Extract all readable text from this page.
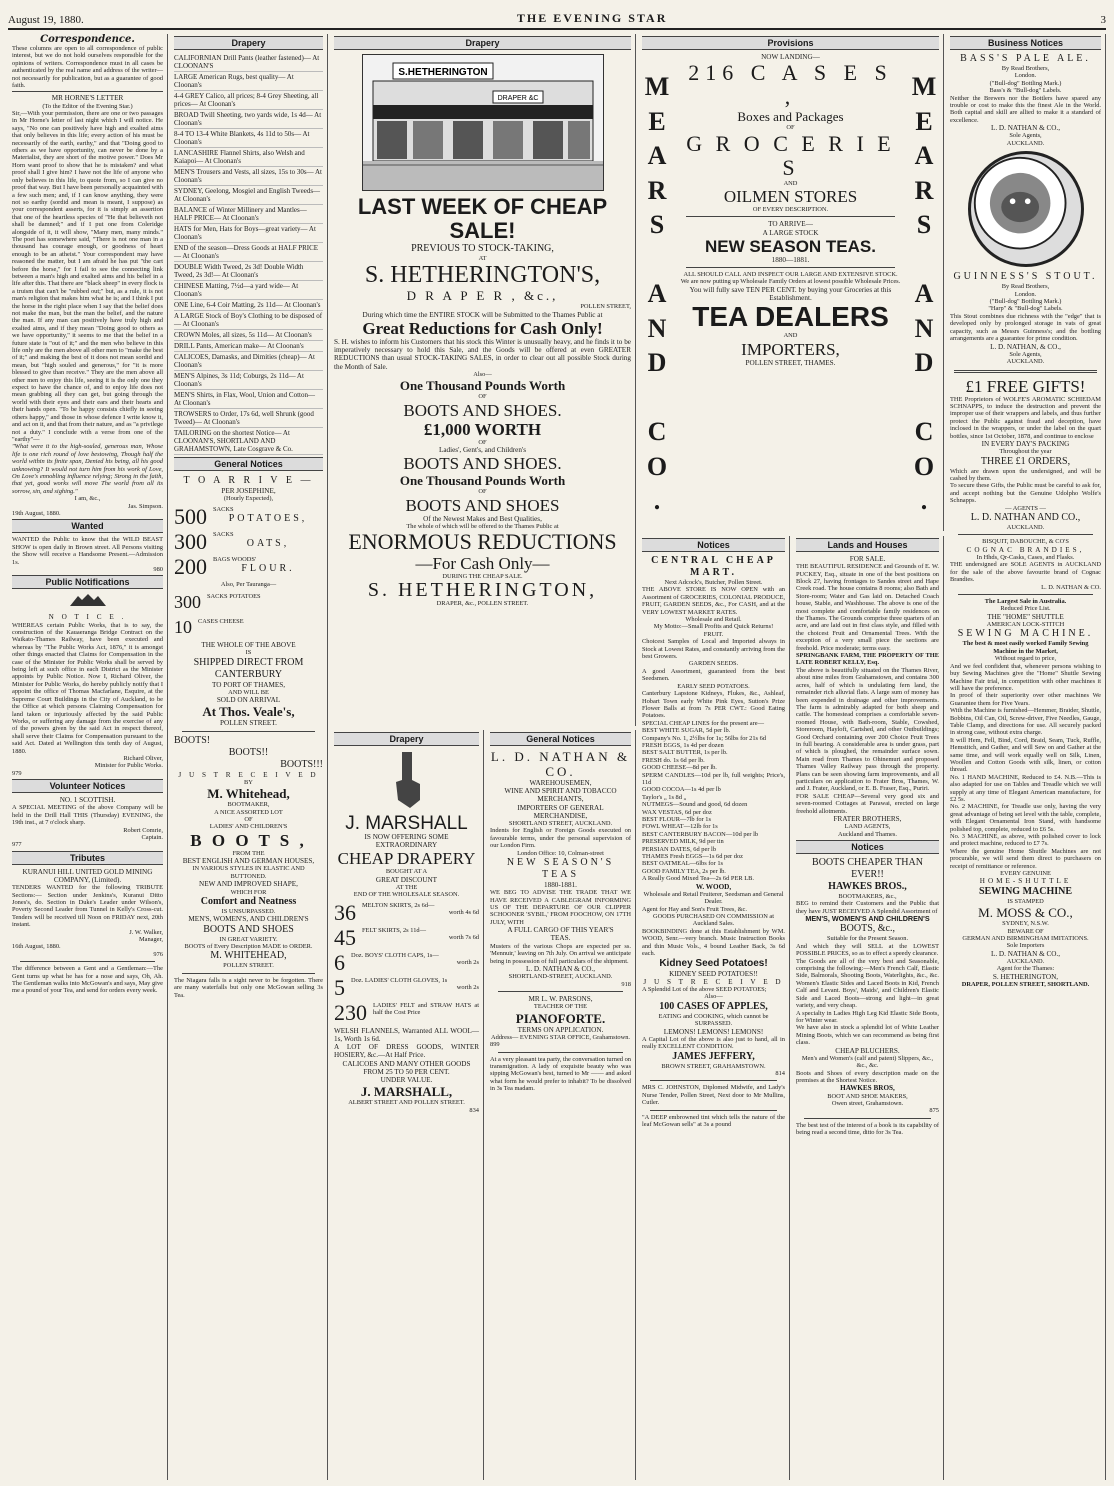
August 19, 1880.	THE EVENING STAR	3
Correspondence.
These columns are open to all correspondence of public interest, but we do not hold ourselves responsible for the opinions of writers. Correspondence must in all cases be authenticated by the real name and address of the writer—not necessarily for publication, but as a guarantee of good faith.
MR HORNE'S LETTER
(To the Editor of the Evening Star.)
Sir,—With your permission, there are one or two passages in Mr Horne's letter of last night which I will notice. He says, "No one can positively have high and exalted aims that only believes in this life; every action of his must be necessarily of the earth, earthy," and that "Doing good to others as we have opportunity, can never be done by a Materialist, they are short of the motive power." Does Mr Horn want proof to show that he is mistaken? and what proof shall I give him? I have not the life of anyone who only believes in this life, to quote from, so I can give no proof that way. But I have been personally acquainted with a few such men; and, if I can know anything, they were not so earthy (sordid and mean is meant, I suppose) as your correspondent asserts, for it is simply an assertion that one of the heartless species of "He that believeth not shall be damned;" and if I put one from Coleridge alongside of it, it will show, "Many men, many minds." The poet has somewhere said, "There is not one man in a thousand has courage enough, or goodness of heart enough to be an atheist." Your correspondent may have reasoned the matter, but I am afraid he has put "the cart before the horse," for I fail to see the connecting link between a man's high and exalted aims and his belief in a life after this. That there are "black sheep" in every flock is a truism that can't be "rubbed out;" but, as a rule, it is not man's religion that makes him what he is; and I think I put the horse in the right place when I say that the belief does not make the man, but the man the belief, and the nature the man. If any man can positively have truly high and exalted aims, and if they mean "Doing good to others as we have opportunity," it seems to me that the belief in a future state is "out of it;" and the men who believe in this life only are the men above all other men to "make the best of it;" and making the best of it does not mean sordid and mean, but "high souled and generous," for "it is more blessed to give than receive." They are the men above all other men to enjoy this life, seeing it is the only one they expect to have the chance of, and to enjoy life does not mean grabbing all they can get, but going through the world with their eyes and their ears and their hearts and their hands open. "To be happy consists chiefly in seeing others happy," and those in whose defence I write know it, and act on it, and that from their nature, and as "a privilege not a duty." I conclude with a verse from one of the "earthy"—
"What were it to the high-souled, generous man, Whose life is one rich round of love bestowing, Though half the world within its finite span, Denied his being, all his good unknowing? It would not turn him from his work of Love, On Love's ennobling influence relying; Strong in the faith, that yet, good works will move The world from all its sorrow, sin, and sighing."
I am, &c.,
Jas. Simpson.
19th August, 1880.
Wanted
WANTED the Public to know that the WILD BEAST SHOW is open daily in Brown street. All Persons visiting the Show will receive a Handsome Present.—Admission 1s.
980
Public Notifications
N O T I C E .
WHEREAS certain Public Works, that is to say, the construction of the Kauaeranga Bridge Contract on the Waikato-Thames Railway, have been executed and whereas by "The Public Works Act, 1876," it is amongst other things enacted that Claims for Compensation in the case of the Minister for Public Works shall be served by being left at such office in each District as the Minister appoints by Public Notice. Now I, Richard Oliver, the Minister for Public Works, do hereby publicly notify that I appoint the office of Thomas Macfarlane, Esquire, at the Supreme Court Buildings in the City of Auckland, to be the Office at which persons Claiming Compensation for land taken or injuriously affected by the said Public Works, or suffering any damage from the exercise of any of the powers given by the said Act in respect thereof, shall serve their Claims for Compensation pursuant to the said Act. Dated at Wellington this tenth day of August, 1880.
Richard Oliver,
Minister for Public Works.
979
Volunteer Notices
NO. 1 SCOTTISH.
A SPECIAL MEETING of the above Company will be held in the Drill Hall THIS (Thursday) EVENING, the 19th inst., at 7 o'clock sharp.
Robert Comrie,
Captain.
977
Tributes
KURANUI HILL UNITED GOLD MINING COMPANY, (Limited).
TENDERS WANTED for the following TRIBUTE Sections:— Section under Jenkins's, Kuranui Ditto Jones's, do. Section in Duke's Leader under Wilson's, Poverty Second Leader from Tunnel in Kelly's Cross-cut. Tenders will be received till Noon on FRIDAY next, 20th instant.
J. W. Walker,
Manager,
16th August, 1880.
976
The difference between a Gent and a Gentleman:—The Gent turns up what he has for a nose and says, Oh, Ah. The Gentleman walks into McGowan's and says, May give me a pound of your Tea, and send for orders every week.
Drapery
CALIFORNIAN Drill Pants (leather fastened)— At CLOONAN'S
LARGE American Rugs, best quality— At Cloonan's
4-4 GREY Calico, all prices; 8-4 Grey Sheeting, all prices— At Cloonan's
BROAD Twill Sheeting, two yards wide, 1s 4d— At Cloonan's
8-4 TO 13-4 White Blankets, 4s 11d to 50s— At Cloonan's
LANCASHIRE Flannel Shirts, also Welsh and Kaiapoi— At Cloonan's
MEN'S Trousers and Vests, all sizes, 15s to 30s— At Cloonan's
SYDNEY, Geelong, Mosgiel and English Tweeds— At Cloonan's
BALANCE of Winter Millinery and Mantles— HALF PRICE— At Cloonan's
HATS for Men, Hats for Boys—great variety— At Cloonan's
END of the season—Dress Goods at HALF PRICE— At Cloonan's
DOUBLE Width Tweed, 2s 3d! Double Width Tweed, 2s 3d!— At Cloonan's
CHINESE Matting, 7½d—a yard wide— At Cloonan's
ONE Line, 6-4 Coir Matting, 2s 11d— At Cloonan's
A LARGE Stock of Boy's Clothing to be disposed of— At Cloonan's
CROWN Moles, all sizes, 5s 11d— At Cloonan's
DRILL Pants, American make— At Cloonan's
CALICOES, Damasks, and Dimities (cheap)— At Cloonan's
MEN'S Alpines, 3s 11d; Coburgs, 2s 11d— At Cloonan's
MEN'S Shirts, in Flax, Wool, Union and Cotton— At Cloonan's
TROWSERS to Order, 17s 6d, well Shrunk (good Tweed)— At Cloonan's
TAILORING on the shortest Notice— At CLOONAN'S, SHORTLAND AND GRAHAMSTOWN, Late Cosgrave & Co.
General Notices
T O A R R I V E —
PER JOSEPHINE,
(Hourly Expected),
500 SACKS
POTATOES,
300 SACKS
OATS,
200 BAGS WOODS'
FLOUR.
Also, Per Tauranga—
300 SACKS POTATOES
10 CASES CHEESE
THE WHOLE OF THE ABOVE
IS
SHIPPED DIRECT FROM
CANTERBURY
TO PORT OF THAMES,
AND WILL BE
SOLD ON ARRIVAL
At Thos. Veale's,
POLLEN STREET.
BOOTS!
BOOTS!!
BOOTS!!!
J U S T R E C E I V E D
BY
M. Whitehead,
BOOTMAKER,
A NICE ASSORTED LOT
OF
LADIES' AND CHILDREN'S
B O O T S ,
FROM THE
BEST ENGLISH AND GERMAN HOUSES,
IN VARIOUS STYLES IN ELASTIC AND BUTTONED.
NEW AND IMPROVED SHAPE,
WHICH FOR
Comfort and Neatness
IS UNSURPASSED.
MEN'S, WOMEN'S, AND CHILDREN'S
BOOTS AND SHOES
IN GREAT VARIETY.
BOOTS of Every Description MADE to ORDER.
M. WHITEHEAD,
POLLEN STREET.
The Niagara falls is a sight never to be forgotten. There are many waterfalls but only one McGowan selling 3s Tea.
Drapery
S.HETHERINGTON
DRAPER &C
LAST WEEK OF CHEAP SALE!
PREVIOUS TO STOCK-TAKING,
AT
S. HETHERINGTON'S,
D R A P E R , &c.,
POLLEN STREET,
During which time the ENTIRE STOCK will be Submitted to the Thames Public at
Great Reductions for Cash Only!
S. H. wishes to inform his Customers that his stock this Winter is unusually heavy, and he finds it to be imperatively necessary to hold this Sale, and the Goods will be offered at even GREATER REDUCTIONS than usual STOCK-TAKING SALES, in order to clear out all possible Stock during the Month of Sale.
Also—
One Thousand Pounds Worth
OF
BOOTS AND SHOES.
£1,000 WORTH
OF
Ladies', Gent's, and Children's
BOOTS AND SHOES.
One Thousand Pounds Worth
OF
BOOTS AND SHOES
Of the Newest Makes and Best Qualities,
The whole of which will be offered to the Thames Public at
ENORMOUS REDUCTIONS
—For Cash Only—
DURING THE CHEAP SALE.
S. HETHERINGTON,
DRAPER, &c., POLLEN STREET.
Drapery
J. MARSHALL
IS NOW OFFERING SOME
EXTRAORDINARY
CHEAP DRAPERY
BOUGHT AT A
GREAT DISCOUNT
AT THE
END OF THE WHOLESALE SEASON.
36 MELTON SKIRTS, 2s 6d—
worth 4s 6d
45 FELT SKIRTS, 2s 11d—
worth 7s 6d
6 Doz. BOYS' CLOTH CAPS, 1s—
worth 2s
5 Doz. LADIES' CLOTH GLOVES, 1s
worth 2s
230 LADIES' FELT and STRAW HATS at half the Cost Price
WELSH FLANNELS, Warranted ALL WOOL—1s, Worth 1s 6d.
A LOT OF DRESS GOODS, WINTER HOSIERY, &c.—At Half Price.
CALICOES AND MANY OTHER GOODS
FROM 25 TO 50 PER CENT.
UNDER VALUE.
J. MARSHALL,
ALBERT STREET AND POLLEN STREET.
834
General Notices
L. D. NATHAN & CO.
WAREHOUSEMEN,
WINE AND SPIRIT AND TOBACCO
MERCHANTS,
IMPORTERS OF GENERAL
MERCHANDISE,
SHORTLAND STREET, AUCKLAND.
Indents for English or Foreign Goods executed on favourable terms, under the personal supervision of our London Firm.
London Office: 10, Colman-street
NEW SEASON'S TEAS
1880-1881.
WE BEG TO ADVISE THE TRADE THAT WE HAVE RECEIVED A CABLEGRAM INFORMING US OF THE DEPARTURE OF OUR CLIPPER SCHOONER 'SYBIL,' FROM FOOCHOW, ON 17TH JULY, WITH
A FULL CARGO OF THIS YEAR'S
TEAS.
Musters of the various Chops are expected per ss. 'Mennuir,' leaving on 7th July. On arrival we anticipate being in possession of full particulars of the shipment.
L. D. NATHAN & CO.,
SHORTLAND-STREET, AUCKLAND.
918
MR L. W. PARSONS,
TEACHER OF THE
PIANOFORTE.
TERMS ON APPLICATION.
Address— EVENING STAR OFFICE, Grahamstown.
899
At a very pleasant tea party, the conversation turned on transmigration. A lady of exquisite beauty who was sipping McGowan's best, turned to Mr —— and asked what form he would prefer to inhabit? To be dissolved in 3s Tea madam.
Provisions
M
E
A
R
S

A
N
D

C
O
.
M
E
A
R
S

A
N
D

C
O
.
NOW LANDING—
216 C A S E S ,
Boxes and Packages
OF
G R O C E R I E S
AND
OILMEN STORES
OF EVERY DESCRIPTION.
TO ARRIVE—
A LARGE STOCK
NEW SEASON TEAS.
1880—1881.
ALL SHOULD CALL AND INSPECT OUR LARGE AND EXTENSIVE STOCK.
We are now putting up Wholesale Family Orders at lowest possible Wholesale Prices.
You will fully save TEN PER CENT. by buying your Groceries at this Establishment.
TEA DEALERS
AND
IMPORTERS,
POLLEN STREET, THAMES.
Notices
CENTRAL CHEAP MART.
Next Adcock's, Butcher, Pollen Street.
THE ABOVE STORE IS NOW OPEN with an Assortment of GROCERIES, COLONIAL PRODUCE, FRUIT, GARDEN SEEDS, &c., For CASH, and at the VERY LOWEST MARKET RATES.
Wholesale and Retail.
My Motto:—Small Profits and Quick Returns!
FRUIT.
Choicest Samples of Local and Imported always in Stock at Lowest Rates, and constantly arriving from the best Growers.
GARDEN SEEDS.
A good Assortment, guaranteed from the best Seedsmen.
EARLY SEED POTATOES.
Canterbury Lapstone Kidneys, Flukes, &c., Ashleaf, Hobart Town early White Pink Eyes, Sutton's Prize Flower Balls at from 7s PER CWT.: Good Eating Potatoes.
SPECIAL CHEAP LINES for the present are—
BEST WHITE SUGAR, 5d per lb.
Company's No. 1, 2½lbs for 1s; 56lbs for 21s 6d
FRESH EGGS, 1s 4d per dozen
BEST SALT BUTTER, 1s per lb.
FRESH do. 1s 6d per lb.
GOOD CHEESE—8d per lb.
SPERM CANDLES—10d per lb, full weights; Price's, 11d
GOOD COCOA—1s 4d per lb
Taylor's „ 1s 8d „
NUTMEGS—Sound and good, 6d dozen
WAX VESTAS, 6d per doz
BEST FLOUR—7lb for 1s
FOWL WHEAT—12lb for 1s
BEST CANTERBURY BACON—10d per lb
PRESERVED MILK, 9d per tin
PERSIAN DATES, 6d per lb
THAMES Fresh EGGS—1s 6d per doz
BEST OATMEAL—6lbs for 1s
GOOD FAMILY TEA, 2s per lb.
A Really Good Mixed Tea—2s 6d PER LB.
W. WOOD,
Wholesale and Retail Fruiterer, Seedsman and General Dealer.
Agent for Hay and Son's Fruit Trees, &c.
GOODS PURCHASED ON COMMISSION at Auckland Sales.
BOOKBINDING done at this Establishment by WM. WOOD, Senr.—very branch. Music Instruction Books and thin Music Vols., 4 bound Leather Back, 3s 6d each.
Kidney Seed Potatoes!
KIDNEY SEED POTATOES!!
J U S T R E C E I V E D
A Splendid Lot of the above SEED POTATOES;
Also—
100 CASES OF APPLES,
EATING and COOKING, which cannot be SURPASSED.
LEMONS! LEMONS! LEMONS!
A Capital Lot of the above is also just to hand, all in really EXCELLENT CONDITION.
JAMES JEFFERY,
BROWN STREET, GRAHAMSTOWN.
814
MRS C. JOHNSTON, Diplomed Midwife, and Lady's Nurse Tender, Pollen Street, Next door to Mr Mullins, Cutler.
"A DEEP embrowned tint which tells the nature of the leaf McGowan sells" at 3s a pound
Lands and Houses
FOR SALE.
THE BEAUTIFUL RESIDENCE and Grounds of E. W. PUCKEY, Esq., situate in one of the best positions on Block 27, having frontages to Sandes street and Hape Creek road. The house contains 8 rooms; also Bath and Store-room; Water and Gas laid on. Detached Coach house, Stable, and Washhouse. The above is one of the most complete and comfortable family residences on the Thames. The Grounds comprise three quarters of an acre, and are laid out in first class style, and filled with the choicest Fruit and Ornamental Trees. With the exception of a very small piece the sections are freehold. Price moderate; terms easy.
SPRINGBANK FARM, THE PROPERTY OF THE LATE ROBERT KELLY, Esq.
The above is beautifully situated on the Thames River, about nine miles from Grahamstown, and contains 300 acres, half of which is undulating fern land, the remainder rich alluvial flats. A large sum of money has been expended in drainage and other improvements. The farm is admirably adapted for both sheep and cattle. The homestead comprises a comfortable seven-roomed House, with Bath-room, Stable, Cowshed, Storeroom, Hayloft, Cartshed, and other Outbuildings; Good Orchard containing over 200 Choice Fruit Trees in full bearing. A considerable area is under grass, part of which is ploughed, the remainder surface sown. Main road from Thames to Ohinemuri and proposed Thames Valley Railway pass through the property. Plans can be seen showing farm improvements, and all particulars on application to Frater Bros, Thames, W. and J. Frater, Auckland, or E. B. Fraser, Esq., Puriri.
FOR SALE CHEAP—Several very good six and seven-roomed Cottages at Parawai, erected on large freehold allotments.
FRATER BROTHERS,
LAND AGENTS,
Auckland and Thames.
Notices
BOOTS CHEAPER THAN EVER!!
HAWKES BROS.,
BOOTMAKERS, &c.,
BEG to remind their Customers and the Public that they have JUST RECEIVED A Splendid Assortment of
MEN'S, WOMEN'S AND CHILDREN'S
BOOTS, &c.,
Suitable for the Present Season.
And which they will SELL at the LOWEST POSSIBLE PRICES, so as to effect a speedy clearance.
The Goods are all of the very best and Seasonable, comprising the following:—Men's French Calf, Elastic Side, Balmorals, Shooting Boots, Waterlights, &c., &c. Women's Elastic Sides and Laced Boots in Kid, French Calf and Levant. Boys', Maids', and Children's Elastic Side and Laced Boots—strong and light—in great variety, and very cheap.
A specialty in Ladies High Leg Kid Elastic Side Boots, for Winter wear.
We have also in stock a splendid lot of White Leather Mining Boots, which we can recommend as being first class.
CHEAP BLUCHERS.
Men's and Women's (calf and patent) Slippers, &c., &c., &c.
Boots and Shoes of every description made on the premises at the Shortest Notice.
HAWKES BROS,
BOOT AND SHOE MAKERS,
Owen street, Grahamstown.
875
The best test of the interest of a book is its capability of being read a second time, ditto for 3s Tea.
Business Notices
BASS'S PALE ALE.
By Read Brothers,
London.
("Bull-dog" Bottling Mark.)
Bass's & "Bull-dog" Labels.
Neither the Brewers nor the Bottlers have spared any trouble or cost to make this the finest Ale in the World. Both capital and skill are allied to make it a standard of excellence.
L. D. NATHAN & CO.,
Sole Agents,
AUCKLAND.
GUINNESS'S STOUT.
By Read Brothers,
London.
("Bull-dog" Bottling Mark.)
"Harp" & "Bull-dog" Labels.
This Stout combines due richness with the "edge" that is developed only by prolonged storage in vats of great capacity, such as Messrs Guinness's; and the bottling arrangements are a guarantee for prime condition.
L. D. NATHAN, & CO.,
Sole Agents,
AUCKLAND.
£1 FREE GIFTS!
THE Proprietors of WOLFE'S AROMATIC SCHIEDAM SCHNAPPS, to induce the destruction and prevent the improper use of their wrappers and labels, and thus further protect the Public against fraud and deception, have inclosed in the wrappers, or under the label on the quart bottles, since 1st October, 1878, and continue to enclose
IN EVERY DAY'S PACKING
Throughout the year
THREE £1 ORDERS,
Which are drawn upon the undersigned, and will be cashed by them.
To secure these Gifts, the Public must be careful to ask for, and accept nothing but the Genuine Udolpho Wolfe's Schnapps.
— AGENTS —
L. D. NATHAN AND CO.,
AUCKLAND.
BISQUIT, DABOUCHE, & CO'S
COGNAC BRANDIES,
In Hhds, Qr-Casks, Cases, and Flasks.
THE undersigned are SOLE AGENTS in AUCKLAND for the sale of the above favourite brand of Cognac Brandies.
L. D. NATHAN & CO.
The Largest Sale in Australia.
Reduced Price List.
THE "HOME" SHUTTLE
AMERICAN LOCK-STITCH
SEWING MACHINE.
The best & most easily worked Family Sewing Machine in the Market,
Without regard to price,
And we feel confident that, whenever persons wishing to buy Sewing Machines give the "Home" Shuttle Sewing Machine Fair trial, in competition with other machines it will have the preference.
In proof of their superiority over other machines We Guarantee them for Five Years.
With the Machine is furnished—Hemmer, Braider, Shuttle, Bobbins, Oil Can, Oil, Screw-driver, Five Needles, Gauge, Table Clamp, and directions for use. All securely packed in strong case, without extra charge.
It will Hem, Fell, Bind, Cord, Braid, Seam, Tuck, Ruffle, Hemstitch, and Gather, and will Sew on and Gather at the same time, and will work equally well on Silk, Linen, Woollen and Cotton Goods with silk, linen, or cotton thread.
No. 1 HAND MACHINE, Reduced to £4. N.B.—This is also adapted for use on Tables and Treadle which we will supply at any time of Elegant American manufacture, for £2 5s.
No. 2 MACHINE, for Treadle use only, having the very great advantage of being set level with the table, complete, with Elegant Ornamental Iron Stand, with handsome polished top, complete, reduced to £6 5s.
No. 3 MACHINE, as above, with polished cover to lock and protect machine, reduced to £7 7s.
Where the genuine Home Shuttle Machines are not procurable, we will send them direct to purchasers on receipt of remittance or reference.
EVERY GENUINE
HOME-SHUTTLE
SEWING MACHINE
IS STAMPED
M. MOSS & CO.,
SYDNEY, N.S.W.
BEWARE OF
GERMAN AND BIRMINGHAM IMITATIONS.
Sole Importers
L. D. NATHAN & CO.,
AUCKLAND.
Agent for the Thames:
S. HETHERINGTON,
DRAPER, POLLEN STREET, SHORTLAND.
